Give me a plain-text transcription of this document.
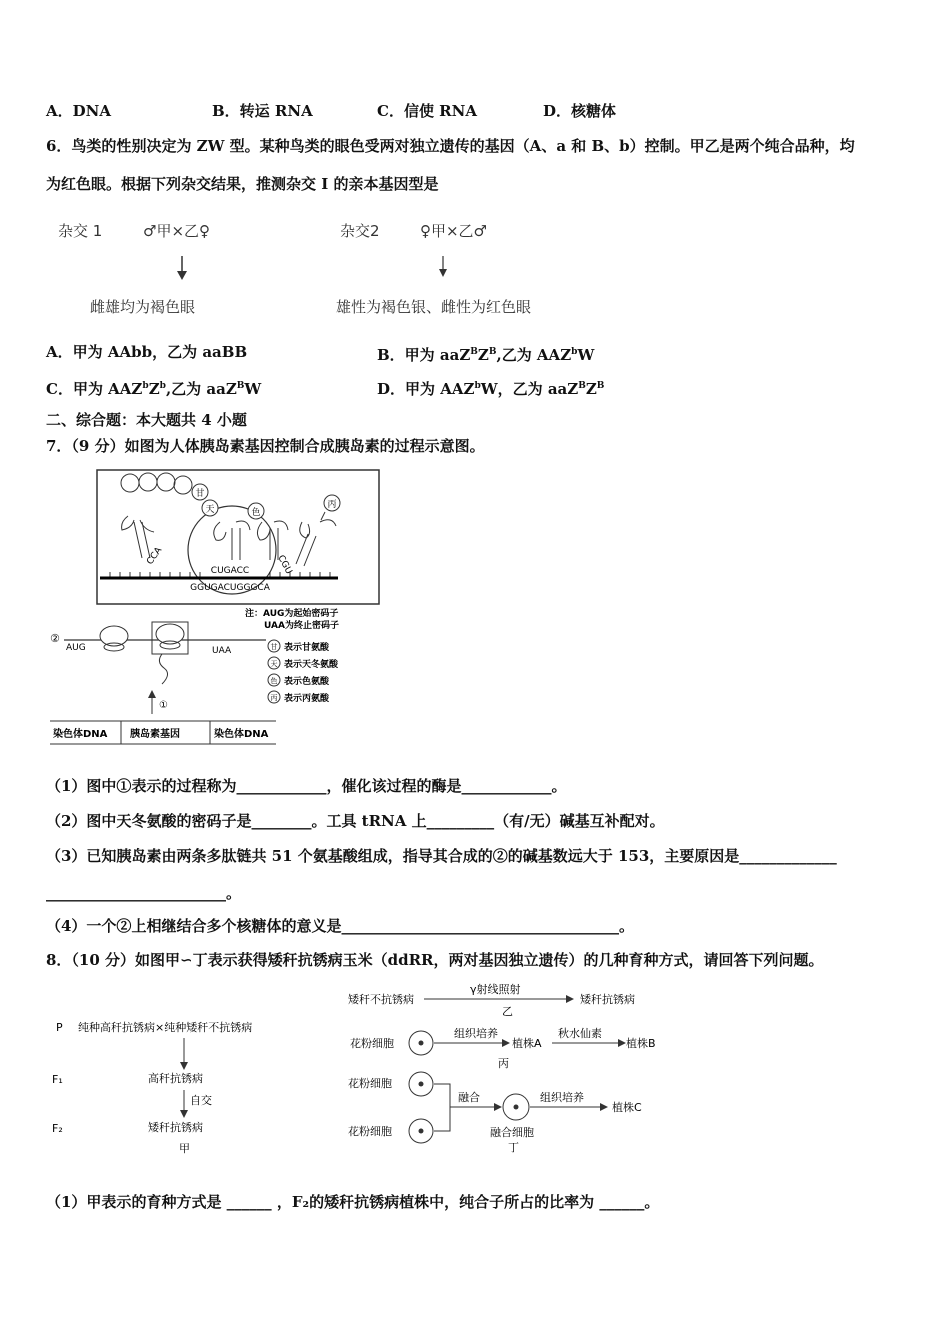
A．DNA	B．转运 RNA	C．信使 RNA	D．核糖体
6．鸟类的性别决定为 ZW 型。某种鸟类的眼色受两对独立遗传的基因（A、a 和 B、b）控制。甲乙是两个纯合品种，均
为红色眼。根据下列杂交结果，推测杂交 I 的亲本基因型是
杂交 1	♂甲×乙♀
雌雄均为褐色眼
杂交2	♀甲×乙♂
雄性为褐色银、雌性为红色眼
A．甲为 AAbb，乙为 aaBB	B．甲为 $aaZ^BZ^B$,乙为 AAZ$^b$W
C．甲为 $AAZ^bZ^b$,乙为 aaZ$^B$W	D．甲为 AAZ$^b$W，乙为 $aaZ^BZ^B$
二、综合题：本大题共 4 小题
7．（9 分）如图为人体胰岛素基因控制合成胰岛素的过程示意图。
甘
天	色
丙
CCA	CGU
CUGACC
GGUGACUGGGCA
注：AUG为起始密码子
UAA为终止密码子
甘 表示甘氨酸
天 表示天冬氨酸
色 表示色氨酸
丙 表示丙氨酸
②
AUG	UAA
①
染色体DNA 胰岛素基因	染色体DNA
（1）图中①表示的过程称为____________，催化该过程的酶是____________。
（2）图中天冬氨酸的密码子是________。工具 tRNA 上_________（有/无）碱基互补配对。
（3）已知胰岛素由两条多肽链共 51 个氨基酸组成，指导其合成的②的碱基数远大于 153，主要原因是_____________
________________________。
（4）一个②上相继结合多个核糖体的意义是_____________________________________。
8．（10 分）如图甲∽丁表示获得矮秆抗锈病玉米（ddRR，两对基因独立遗传）的几种育种方式，请回答下列问题。
P 纯种高秆抗锈病×纯种矮秆不抗锈病
F₁	高秆抗锈病
自交
F₂	矮秆抗锈病
甲
矮秆不抗锈病
γ射线照射
乙
矮秆抗锈病
花粉细胞
组织培养
植株A
秋水仙素
植株B
丙
花粉细胞
花粉细胞
融合	组织培养
植株C
融合细胞
丁
（1）甲表示的育种方式是 ______ ，F₂的矮秆抗锈病植株中，纯合子所占的比率为 ______。
